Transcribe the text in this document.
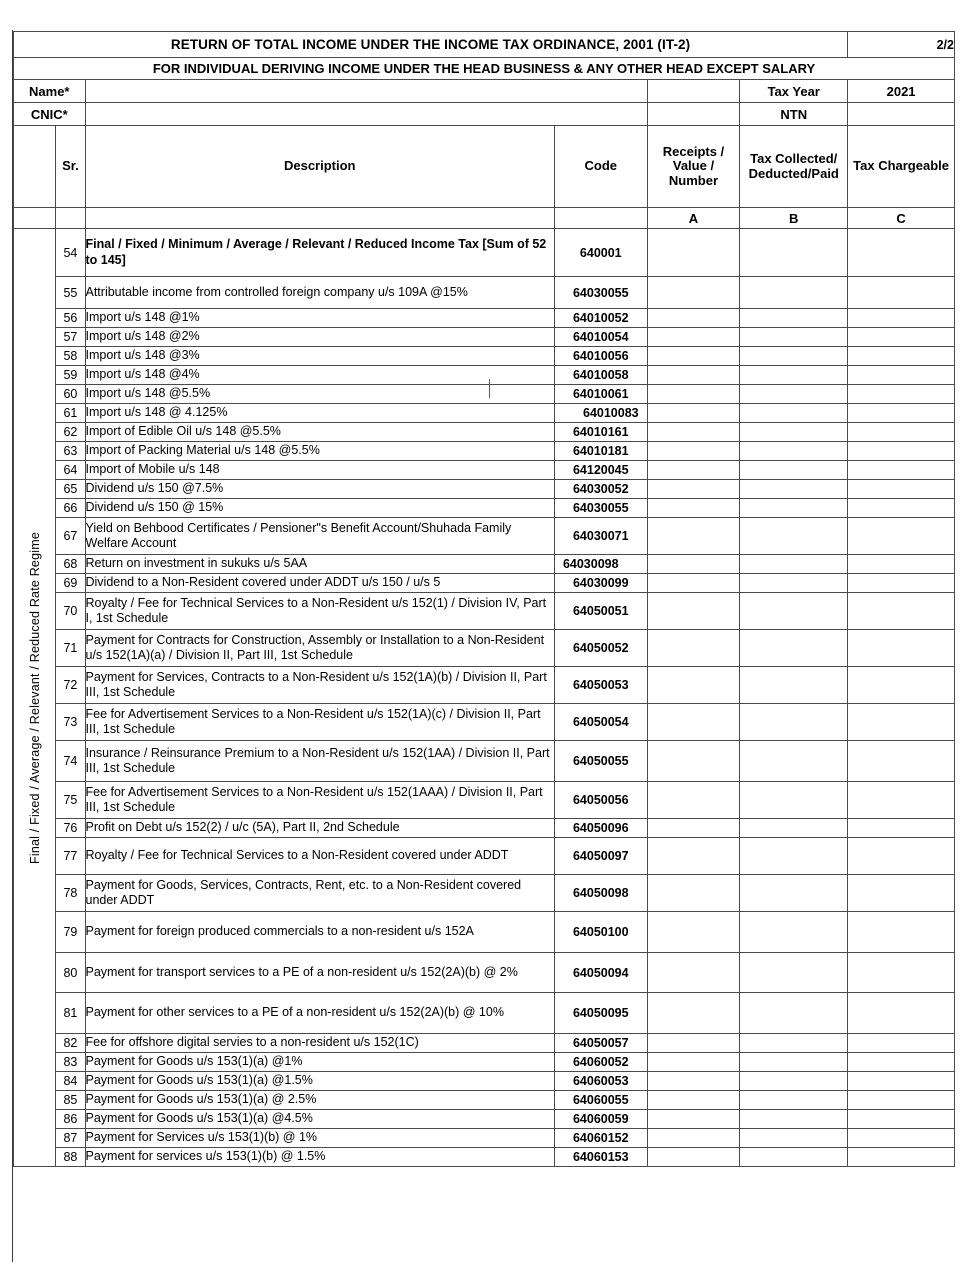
RETURN OF TOTAL INCOME UNDER THE INCOME TAX ORDINANCE, 2001 (IT-2)						2/2
FOR INDIVIDUAL DERIVING INCOME UNDER THE HEAD BUSINESS & ANY OTHER HEAD EXCEPT SALARY						
Name*					Tax Year	2021
CNIC*					NTN	
	Sr.	Description	Code	Receipts / Value / Number	Tax Collected/ Deducted/Paid	Tax Chargeable
				A	B	C

Final / Fixed / Average / Relevant / Reduced Rate Regime	54	Final / Fixed / Minimum / Average / Relevant / Reduced Income Tax [Sum of 52 to 145]	640001			
	55	Attributable income from controlled foreign company u/s 109A @15%	64030055			
	56	Import u/s 148 @1%	64010052			
	57	Import u/s 148 @2%	64010054			
	58	Import u/s 148 @3%	64010056			
	59	Import u/s 148 @4%	64010058			
	60	Import u/s 148 @5.5%	64010061			
	61	Import u/s 148 @ 4.125%	64010083			
	62	Import of Edible Oil u/s 148 @5.5%	64010161			
	63	Import of Packing Material u/s 148 @5.5%	64010181			
	64	Import of Mobile u/s 148	64120045			
	65	Dividend u/s 150 @7.5%	64030052			
	66	Dividend u/s 150 @ 15%	64030055			
	67	Yield on Behbood Certificates / Pensioner"s Benefit Account/Shuhada Family Welfare Account	64030071			
	68	Return on investment in sukuks u/s 5AA	64030098			
	69	Dividend to a Non-Resident covered under ADDT u/s 150 / u/s 5	64030099			
	70	Royalty / Fee for Technical Services to a Non-Resident u/s 152(1) / Division IV, Part I, 1st Schedule	64050051			
	71	Payment for Contracts for Construction, Assembly or Installation to a Non-Resident u/s 152(1A)(a) / Division II, Part III, 1st Schedule	64050052			
	72	Payment for Services, Contracts to a Non-Resident u/s 152(1A)(b) / Division II, Part III, 1st Schedule	64050053			
	73	Fee for Advertisement Services to a Non-Resident u/s 152(1A)(c) / Division II, Part III, 1st Schedule	64050054			
	74	Insurance / Reinsurance Premium to a Non-Resident u/s 152(1AA) / Division II, Part III, 1st Schedule	64050055			
	75	Fee for Advertisement Services to a Non-Resident u/s 152(1AAA) / Division II, Part III, 1st Schedule	64050056			
	76	Profit on Debt u/s 152(2) / u/c (5A), Part II, 2nd Schedule	64050096			
	77	Royalty / Fee for Technical Services to a Non-Resident covered under ADDT	64050097			
	78	Payment for Goods, Services, Contracts, Rent, etc. to a Non-Resident covered under ADDT	64050098			
	79	Payment for foreign produced commercials to a non-resident u/s 152A	64050100			
	80	Payment for transport services to a PE of a non-resident u/s 152(2A)(b) @ 2%	64050094			
	81	Payment for other services to a PE of a non-resident u/s 152(2A)(b) @ 10%	64050095			
	82	Fee for offshore digital servies to a non-resident u/s 152(1C)	64050057			
	83	Payment for Goods u/s 153(1)(a) @1%	64060052			
	84	Payment for Goods u/s 153(1)(a) @1.5%	64060053			
	85	Payment for Goods u/s 153(1)(a) @ 2.5%	64060055			
	86	Payment for Goods u/s 153(1)(a) @4.5%	64060059			
	87	Payment for Services u/s 153(1)(b) @ 1%	64060152			
	88	Payment for services u/s 153(1)(b) @ 1.5%	64060153			
